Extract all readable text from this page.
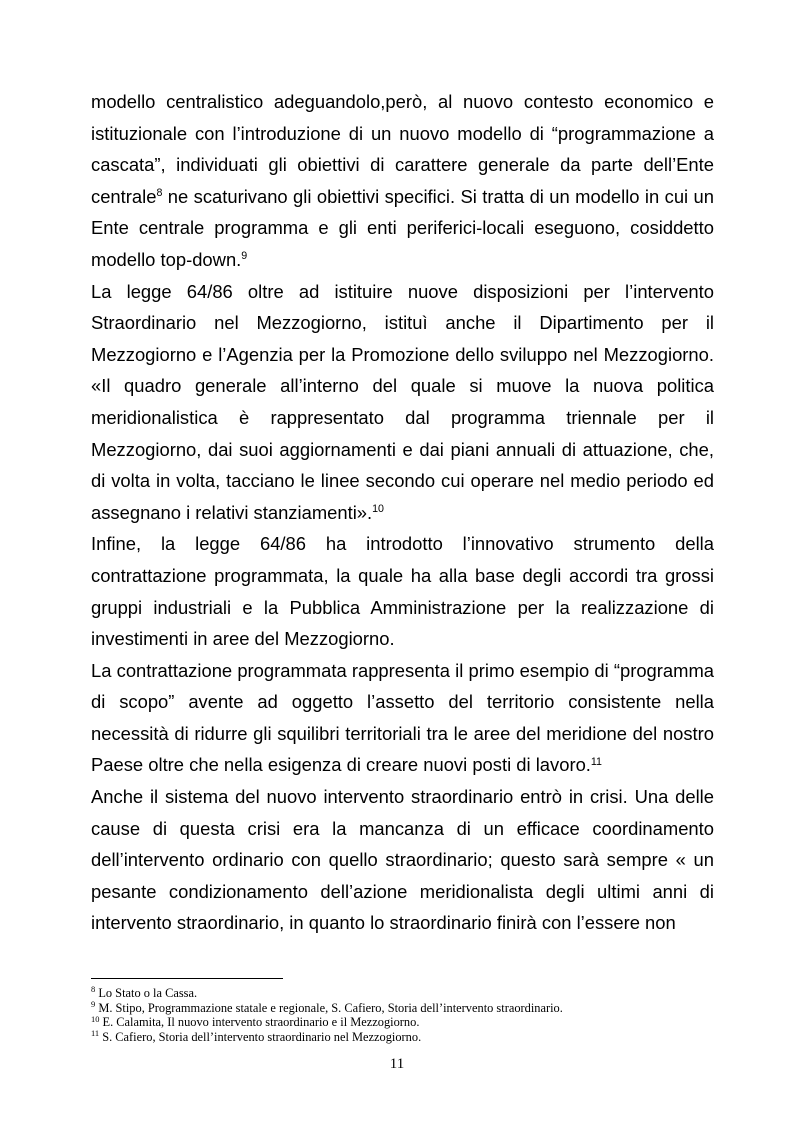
modello centralistico adeguandolo,però, al nuovo contesto economico e istituzionale con l’introduzione di un nuovo modello di “programmazione a cascata”, individuati gli obiettivi di carattere generale da parte dell’Ente centrale$^8$ ne scaturivano gli obiettivi specifici. Si tratta di un modello in cui un Ente centrale programma e gli enti periferici-locali eseguono, cosiddetto modello top-down.$^9$

La legge 64/86 oltre ad istituire nuove disposizioni per l’intervento Straordinario nel Mezzogiorno, istituì anche il Dipartimento per il Mezzogiorno e l’Agenzia per la Promozione dello sviluppo nel Mezzogiorno. «Il quadro generale all’interno del quale si muove la nuova politica meridionalistica è rappresentato dal programma triennale per il Mezzogiorno, dai suoi aggiornamenti e dai piani annuali di attuazione, che, di volta in volta, tacciano le linee secondo cui operare nel medio periodo ed assegnano i relativi stanziamenti».$^{10}$

Infine, la legge 64/86 ha introdotto l’innovativo strumento della contrattazione programmata, la quale ha alla base degli accordi tra grossi gruppi industriali e la Pubblica Amministrazione per la realizzazione di investimenti in aree del Mezzogiorno.

La contrattazione programmata rappresenta il primo esempio di “programma di scopo” avente ad oggetto l’assetto del territorio consistente nella necessità di ridurre gli squilibri territoriali tra le aree del meridione del nostro Paese oltre che nella esigenza di creare nuovi posti di lavoro.$^{11}$

Anche il sistema del nuovo intervento straordinario entrò in crisi. Una delle cause di questa crisi era la mancanza di un efficace coordinamento dell’intervento ordinario con quello straordinario; questo sarà sempre « un pesante condizionamento dell’azione meridionalista degli ultimi anni di intervento straordinario, in quanto lo straordinario finirà con l’essere non

$^8$ Lo Stato o la Cassa.
$^9$ M. Stipo, Programmazione statale e regionale, S. Cafiero, Storia dell’intervento straordinario.
$^{10}$ E. Calamita, Il nuovo intervento straordinario e il Mezzogiorno.
$^{11}$ S. Cafiero, Storia dell’intervento straordinario nel Mezzogiorno.
11
